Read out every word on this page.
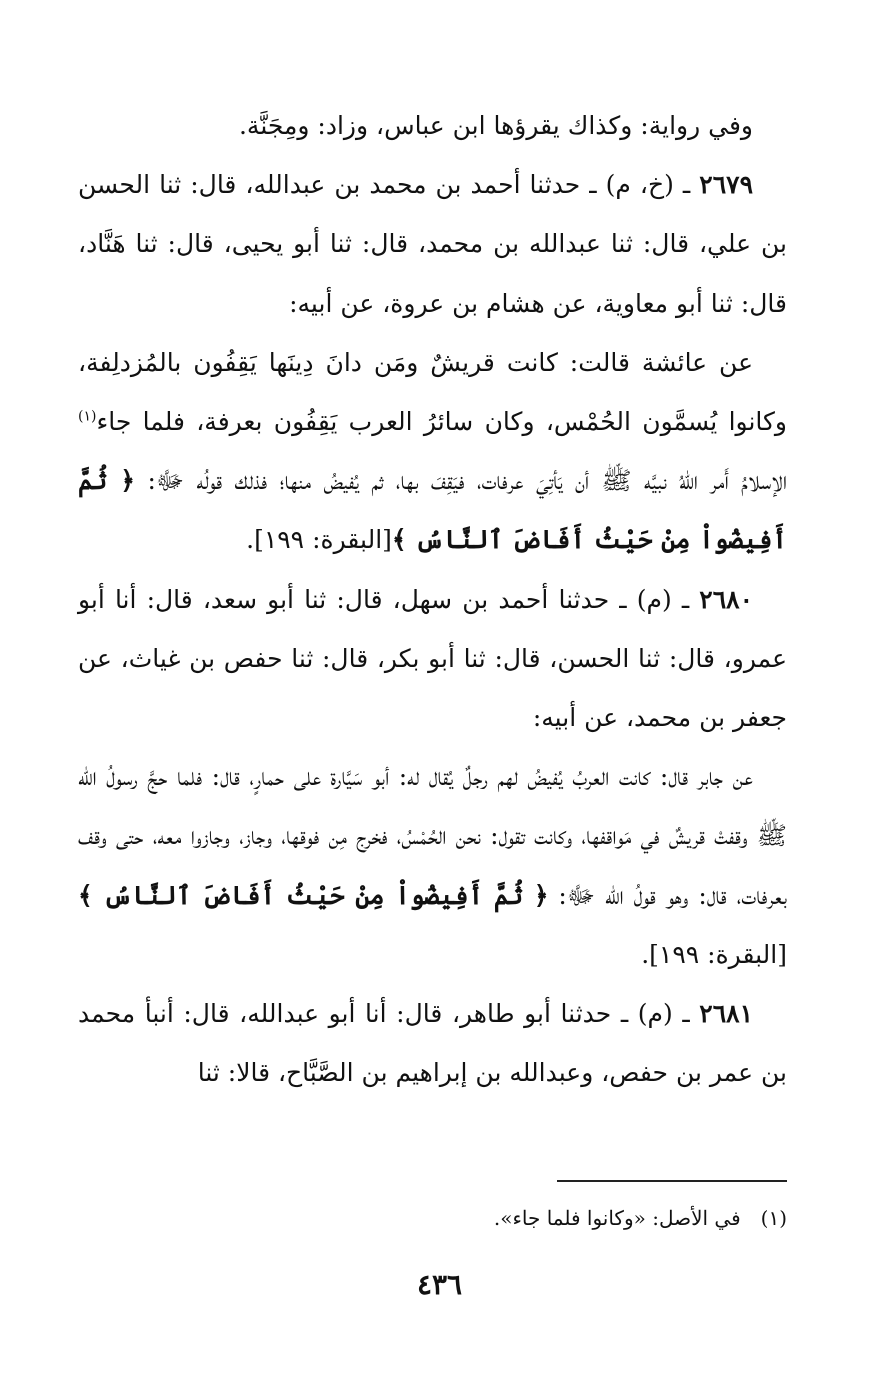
وفي رواية: وكذاك يقرؤها ابن عباس، وزاد: ومِجَنَّة.

٢٦٧٩ ـ (خ، م) ـ حدثنا أحمد بن محمد بن عبدالله، قال: ثنا الحسن بن علي، قال: ثنا عبدالله بن محمد، قال: ثنا أبو يحيى، قال: ثنا هَنَّاد، قال: ثنا أبو معاوية، عن هشام بن عروة، عن أبيه:

عن عائشة قالت: كانت قريشٌ ومَن دانَ دِينَها يَقِفُون بالمُزدلِفة، وكانوا يُسمَّون الحُمْس، وكان سائرُ العرب يَقِفُون بعرفة، فلما جاء$^{(١)}$ الإسلامُ أَمر اللهُ نبيَّه ﷺ أن يَأتِيَ عرفات، فيَقِفَ بها، ثم يُفيضُ منها؛ فذلك قولُه ﷻ: ﴿ ثُمَّ أَفِيضُواْ مِنْ حَيْثُ أَفَاضَ ٱلنَّاسُ ﴾[البقرة: ١٩٩].

٢٦٨٠ ـ (م) ـ حدثنا أحمد بن سهل، قال: ثنا أبو سعد، قال: أنا أبو عمرو، قال: ثنا الحسن، قال: ثنا أبو بكر، قال: ثنا حفص بن غياث، عن جعفر بن محمد، عن أبيه:

عن جابر قال: كانت العربُ يُفيضُ لهم رجلٌ يُقال له: أبو سَيَّارة على حمارٍ، قال: فلما حجَّ رسولُ الله ﷺ وقفتْ قريشٌ في مَواقفها، وكانت تقول: نحن الحُمْسُ، فخرج مِن فوقها، وجاز، وجازوا معه، حتى وقف بعرفات، قال: وهو قولُ الله ﷻ: ﴿ ثُمَّ أَفِيضُواْ مِنْ حَيْثُ أَفَاضَ ٱلنَّاسُ ﴾[البقرة: ١٩٩].

٢٦٨١ ـ (م) ـ حدثنا أبو طاهر، قال: أنا أبو عبدالله، قال: أنبأ محمد بن عمر بن حفص، وعبدالله بن إبراهيم بن الصَّبَّاح، قالا: ثنا

(١)في الأصل: «وكانوا فلما جاء».
٤٣٦
